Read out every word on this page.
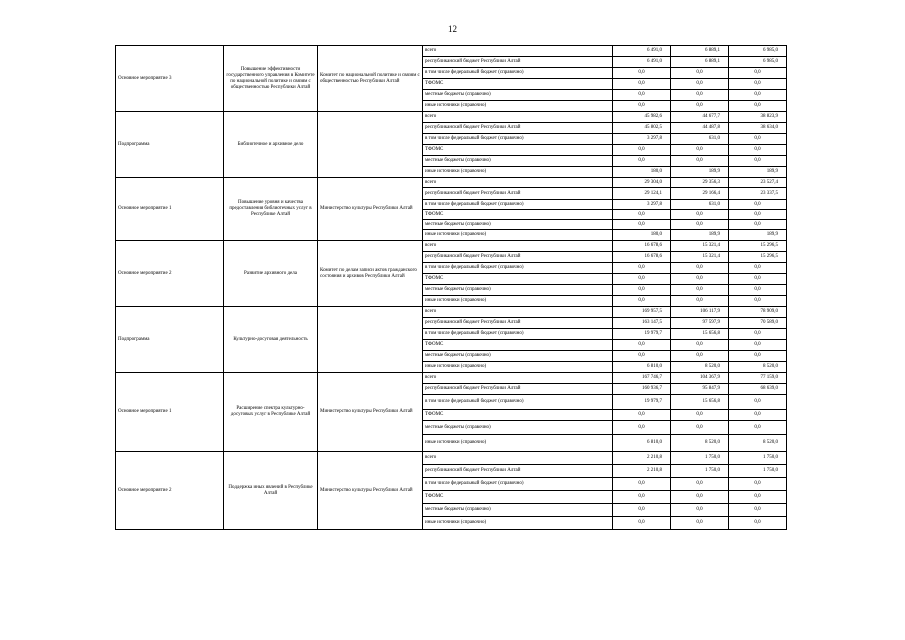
12
Основное мероприятие 3	Повышение эффективности государственного управления в Комитете по национальной политике и связям с общественностью Республики Алтай	Комитет по национальной политике и связям с общественностью Республики Алтай	всего	6 491,0	6 889,1	6 985,0
			республиканский бюджет Республики Алтай	6 491,0	6 889,1	6 985,0
			в том числе федеральный бюджет (справочно)	0,0	0,0	0,0
			ТФОМС	0,0	0,0	0,0
			местные бюджеты (справочно)	0,0	0,0	0,0
			иные источники (справочно)	0,0	0,0	0,0
Подпрограмма	Библиотечное и архивное дело		всего	45 982,6	44 677,7	38 823,9
			республиканский бюджет Республики Алтай	45 802,5	44 487,8	38 634,0
			в том числе федеральный бюджет (справочно)	3 297,8	631,0	0,0
			ТФОМС	0,0	0,0	0,0
			местные бюджеты (справочно)	0,0	0,0	0,0
			иные источники (справочно)	180,0	189,9	189,9
Основное мероприятие 1	Повышение уровня и качества предоставления библиотечных услуг в Республике Алтай	Министерство культуры Республики Алтай	всего	29 304,0	29 356,3	23 527,4
			республиканский бюджет Республики Алтай	29 124,1	29 166,4	23 337,5
			в том числе федеральный бюджет (справочно)	3 297,8	631,0	0,0
			ТФОМС	0,0	0,0	0,0
			местные бюджеты (справочно)	0,0	0,0	0,0
			иные источники (справочно)	180,0	189,9	189,9
Основное мероприятие 2	Развитие архивного дела	Комитет по делам записи актов гражданского состояния и архивов Республики Алтай	всего	16 678,6	15 321,4	15 296,5
			республиканский бюджет Республики Алтай	16 678,6	15 321,4	15 296,5
			в том числе федеральный бюджет (справочно)	0,0	0,0	0,0
			ТФОМС	0,0	0,0	0,0
			местные бюджеты (справочно)	0,0	0,0	0,0
			иные источники (справочно)	0,0	0,0	0,0
Подпрограмма	Культурно-досуговая деятельность		всего	169 957,5	106 117,9	78 909,0
			республиканский бюджет Республики Алтай	163 147,5	97 597,9	70 589,0
			в том числе федеральный бюджет (справочно)	19 979,7	15 656,8	0,0
			ТФОМС	0,0	0,0	0,0
			местные бюджеты (справочно)	0,0	0,0	0,0
			иные источники (справочно)	6 810,0	8 520,0	8 520,0
Основное мероприятие 1	Расширение спектра культурно-досуговых услуг в Республике Алтай	Министерство культуры Республики Алтай	всего	167 746,7	104 367,9	77 159,0
			республиканский бюджет Республики Алтай	160 936,7	95 847,9	68 639,0
			в том числе федеральный бюджет (справочно)	19 979,7	15 656,8	0,0
			ТФОМС	0,0	0,0	0,0
			местные бюджеты (справочно)	0,0	0,0	0,0
			иные источники (справочно)	6 810,0	8 520,0	8 520,0
Основное мероприятие 2	Поддержка иных явлений в Республике Алтай	Министерство культуры Республики Алтай	всего	2 210,8	1 750,0	1 750,0
			республиканский бюджет Республики Алтай	2 210,8	1 750,0	1 750,0
			в том числе федеральный бюджет (справочно)	0,0	0,0	0,0
			ТФОМС	0,0	0,0	0,0
			местные бюджеты (справочно)	0,0	0,0	0,0
			иные источники (справочно)	0,0	0,0	0,0
